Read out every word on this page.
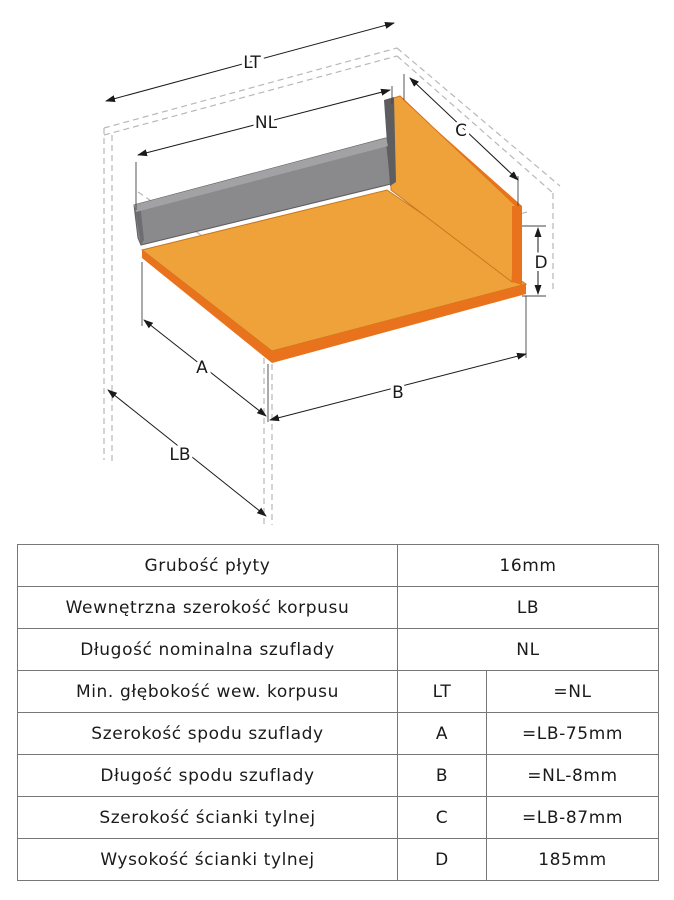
LT
NL	C
D
A
B
LB
Grubość płyty	16mm	
Wewnętrzna szerokość korpusu	LB	
Długość nominalna szuflady	NL	
Min. głębokość wew. korpusu	LT	=NL
Szerokość spodu szuflady	A	=LB-75mm
Długość spodu szuflady	B	=NL-8mm
Szerokość ścianki tylnej	C	=LB-87mm
Wysokość ścianki tylnej	D	185mm
